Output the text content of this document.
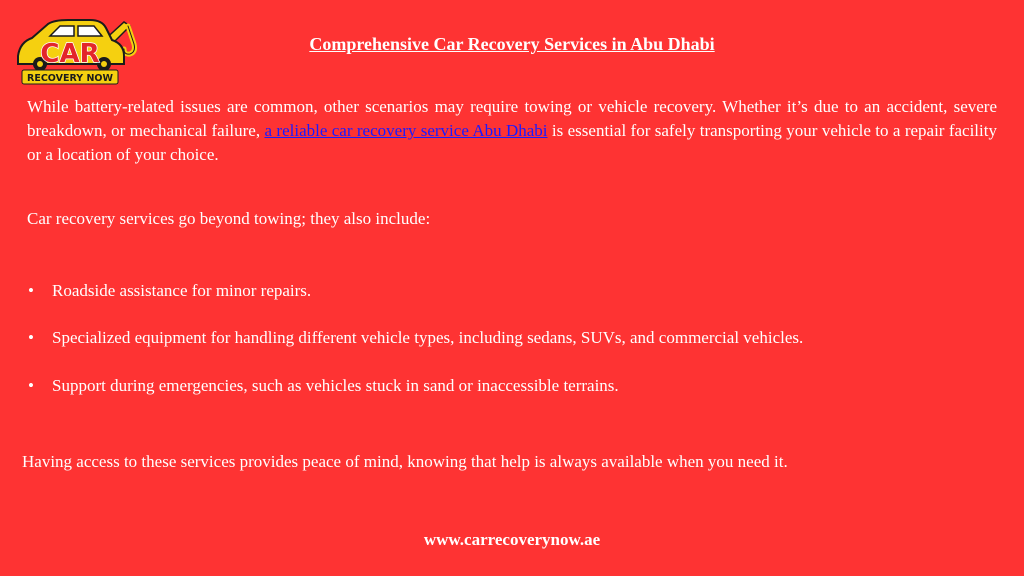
CAR
RECOVERY NOW
Comprehensive Car Recovery Services in Abu Dhabi

While battery-related issues are common, other scenarios may require towing or vehicle recovery. Whether it’s due to an accident, severe breakdown, or mechanical failure, a reliable car recovery service Abu Dhabi is essential for safely transporting your vehicle to a repair facility or a location of your choice.

Car recovery services go beyond towing; they also include:

• Roadside assistance for minor repairs.
• Specialized equipment for handling different vehicle types, including sedans, SUVs, and commercial vehicles.
• Support during emergencies, such as vehicles stuck in sand or inaccessible terrains.

Having access to these services provides peace of mind, knowing that help is always available when you need it.

www.carrecoverynow.ae
